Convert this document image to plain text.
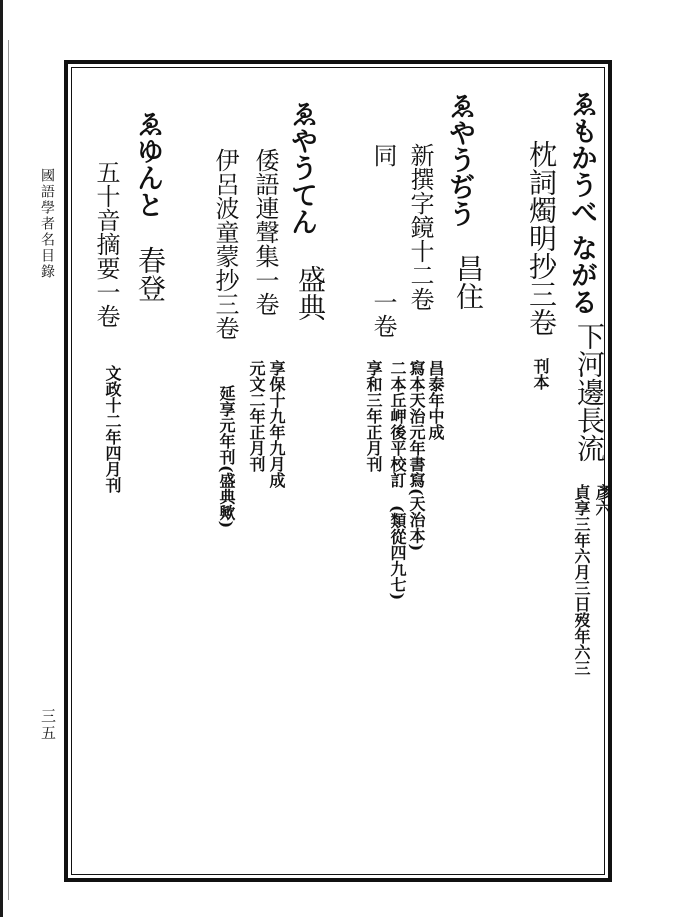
國語學者名目錄
三五
ゑもかうべ ながる
下河邊長流
彥六
貞享三年六月三日歿年六三
枕詞燭明抄三卷
刊本
ゑやうぢう
昌住
新撰字鏡十二卷
昌泰年中成
寫本天治元年書寫(天治本)
二本丘岬後平校訂
(類從四九七)
同
一卷
享和三年正月刊
ゑやうてん
盛典
倭語連聲集一卷
享保十九年九月成
元文二年正月刊
伊呂波童蒙抄三卷
延享元年刊(盛典歟)
ゑゆんと
春登
五十音摘要一卷
文政十二年四月刊
